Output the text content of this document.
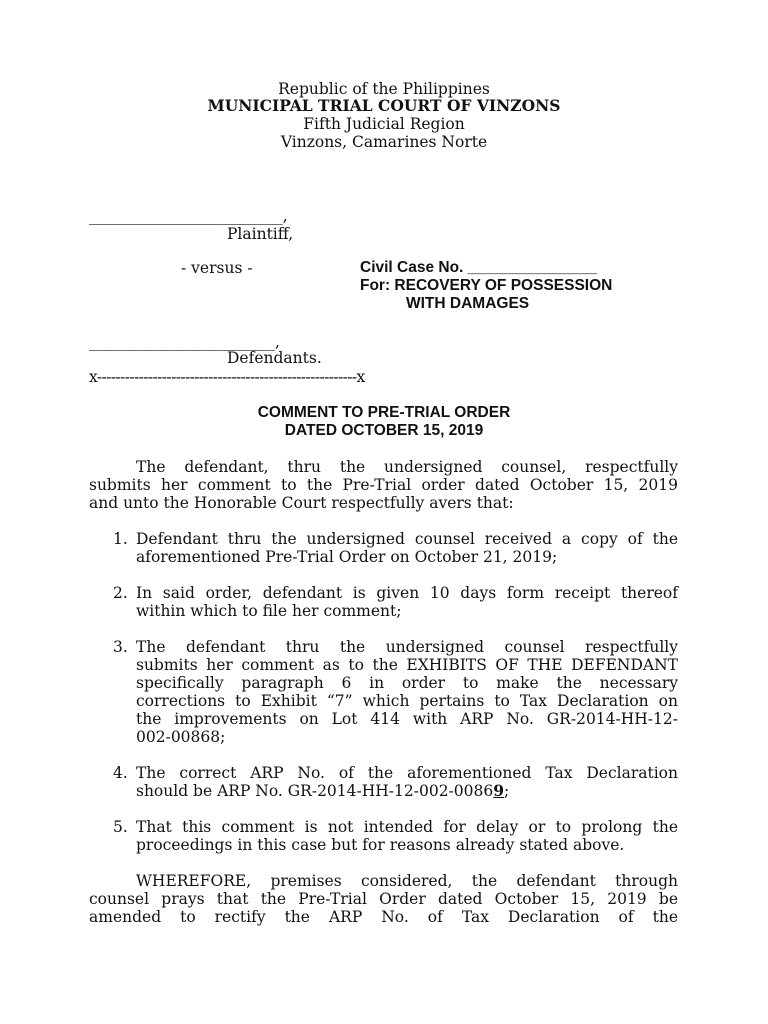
Republic of the Philippines
MUNICIPAL TRIAL COURT OF VINZONS
Fifth Judicial Region
Vinzons, Camarines Norte
_________________________,
Plaintiff,
- versus -	Civil Case No. _______________
For: RECOVERY OF POSSESSION
WITH DAMAGES
________________________,
Defendants.
x--------------------------------------------------------x
COMMENT TO PRE-TRIAL ORDER
DATED OCTOBER 15, 2019
The defendant, thru the undersigned counsel, respectfully
submits her comment to the Pre-Trial order dated October 15, 2019
and unto the Honorable Court respectfully avers that:
1. Defendant thru the undersigned counsel received a copy of the
aforementioned Pre-Trial Order on October 21, 2019;
2. In said order, defendant is given 10 days form receipt thereof
within which to file her comment;
3. The defendant thru the undersigned counsel respectfully
submits her comment as to the EXHIBITS OF THE DEFENDANT
specifically paragraph 6 in order to make the necessary
corrections to Exhibit “7” which pertains to Tax Declaration on
the improvements on Lot 414 with ARP No. GR-2014-HH-12-
002-00868;
4. The correct ARP No. of the aforementioned Tax Declaration
should be ARP No. GR-2014-HH-12-002-00869;
5. That this comment is not intended for delay or to prolong the
proceedings in this case but for reasons already stated above.
WHEREFORE, premises considered, the defendant through
counsel prays that the Pre-Trial Order dated October 15, 2019 be
amended to rectify the ARP No. of Tax Declaration of the
